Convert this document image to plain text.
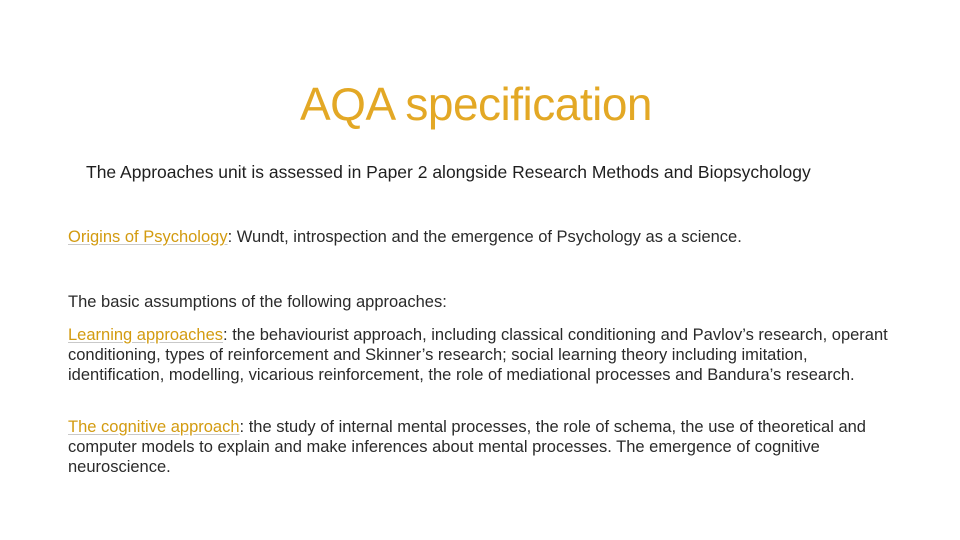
AQA specification
The Approaches unit is assessed in Paper 2 alongside Research Methods and Biopsychology
Origins of Psychology: Wundt, introspection and the emergence of Psychology as a science.
The basic assumptions of the following approaches:
Learning approaches: the behaviourist approach, including classical conditioning and Pavlov’s research, operant conditioning, types of reinforcement and Skinner’s research; social learning theory including imitation, identification, modelling, vicarious reinforcement, the role of mediational processes and Bandura’s research.
The cognitive approach: the study of internal mental processes, the role of schema, the use of theoretical and computer models to explain and make inferences about mental processes. The emergence of cognitive neuroscience.
